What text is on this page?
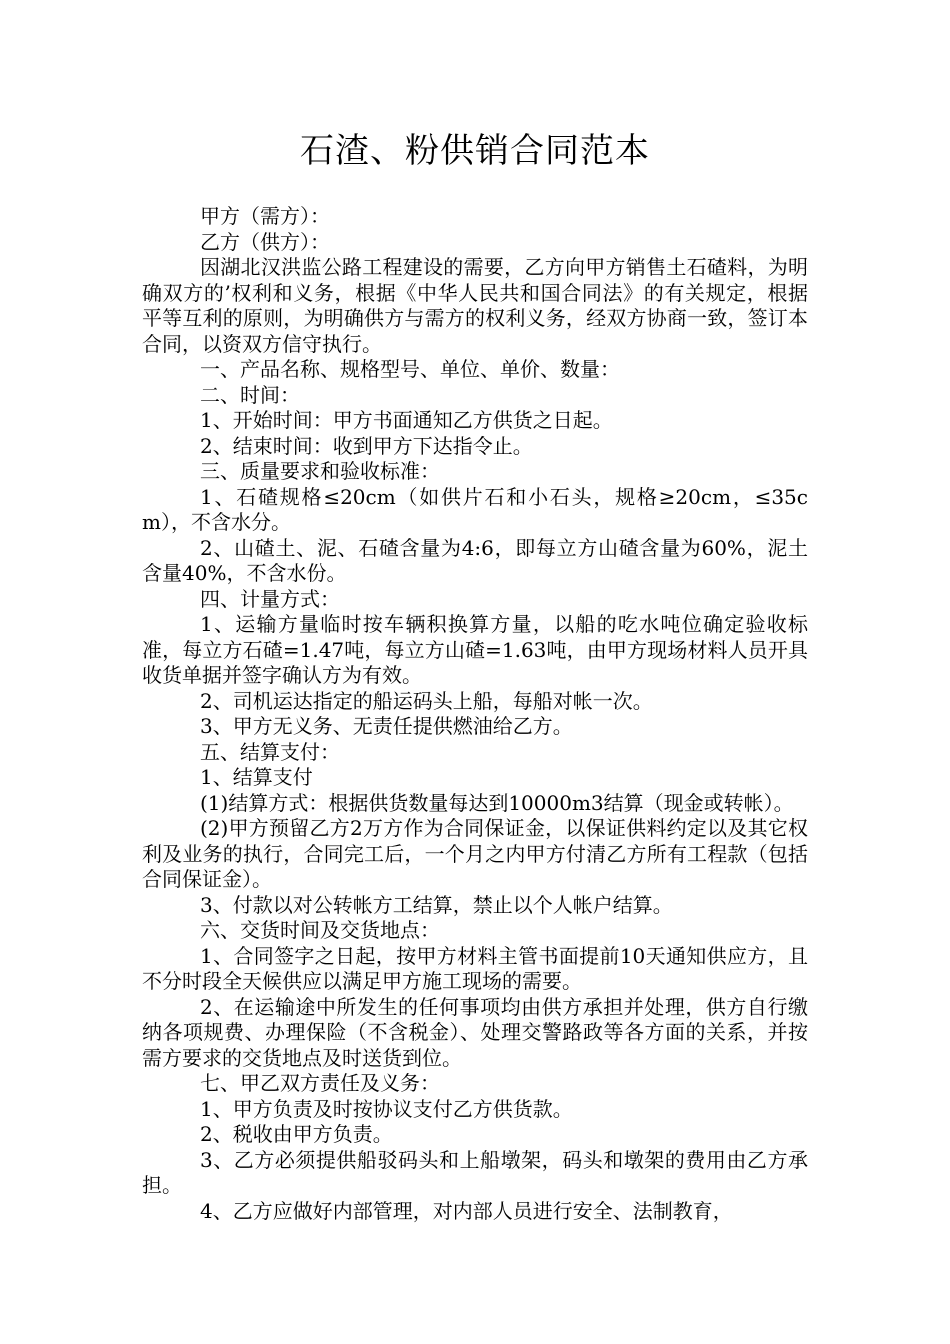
石渣、粉供销合同范本

甲方（需方）：

乙方（供方）：

因湖北汉洪监公路工程建设的需要，乙方向甲方销售土石碴料，为明确双方的’权利和义务，根据《中华人民共和国合同法》的有关规定，根据平等互利的原则，为明确供方与需方的权利义务，经双方协商一致，签订本合同，以资双方信守执行。

一、产品名称、规格型号、单位、单价、数量：

二、时间：

1、开始时间：甲方书面通知乙方供货之日起。

2、结束时间：收到甲方下达指令止。

三、质量要求和验收标准：

1、石碴规格≤20cm（如供片石和小石头，规格≥20cm，≤35cm），不含水分。

2、山碴土、泥、石碴含量为4:6，即每立方山碴含量为60%，泥土含量40%，不含水份。

四、计量方式：

1、运输方量临时按车辆积换算方量，以船的吃水吨位确定验收标准，每立方石碴=1.47吨，每立方山碴=1.63吨，由甲方现场材料人员开具收货单据并签字确认方为有效。

2、司机运达指定的船运码头上船，每船对帐一次。

3、甲方无义务、无责任提供燃油给乙方。

五、结算支付：

1、结算支付

(1)结算方式：根据供货数量每达到10000m3结算（现金或转帐）。

(2)甲方预留乙方2万方作为合同保证金，以保证供料约定以及其它权利及业务的执行，合同完工后，一个月之内甲方付清乙方所有工程款（包括合同保证金）。

3、付款以对公转帐方工结算，禁止以个人帐户结算。

六、交货时间及交货地点：

1、合同签字之日起，按甲方材料主管书面提前10天通知供应方，且不分时段全天候供应以满足甲方施工现场的需要。

2、在运输途中所发生的任何事项均由供方承担并处理，供方自行缴纳各项规费、办理保险（不含税金）、处理交警路政等各方面的关系，并按需方要求的交货地点及时送货到位。

七、甲乙双方责任及义务：

1、甲方负责及时按协议支付乙方供货款。

2、税收由甲方负责。

3、乙方必须提供船驳码头和上船墩架，码头和墩架的费用由乙方承担。

4、乙方应做好内部管理，对内部人员进行安全、法制教育，
